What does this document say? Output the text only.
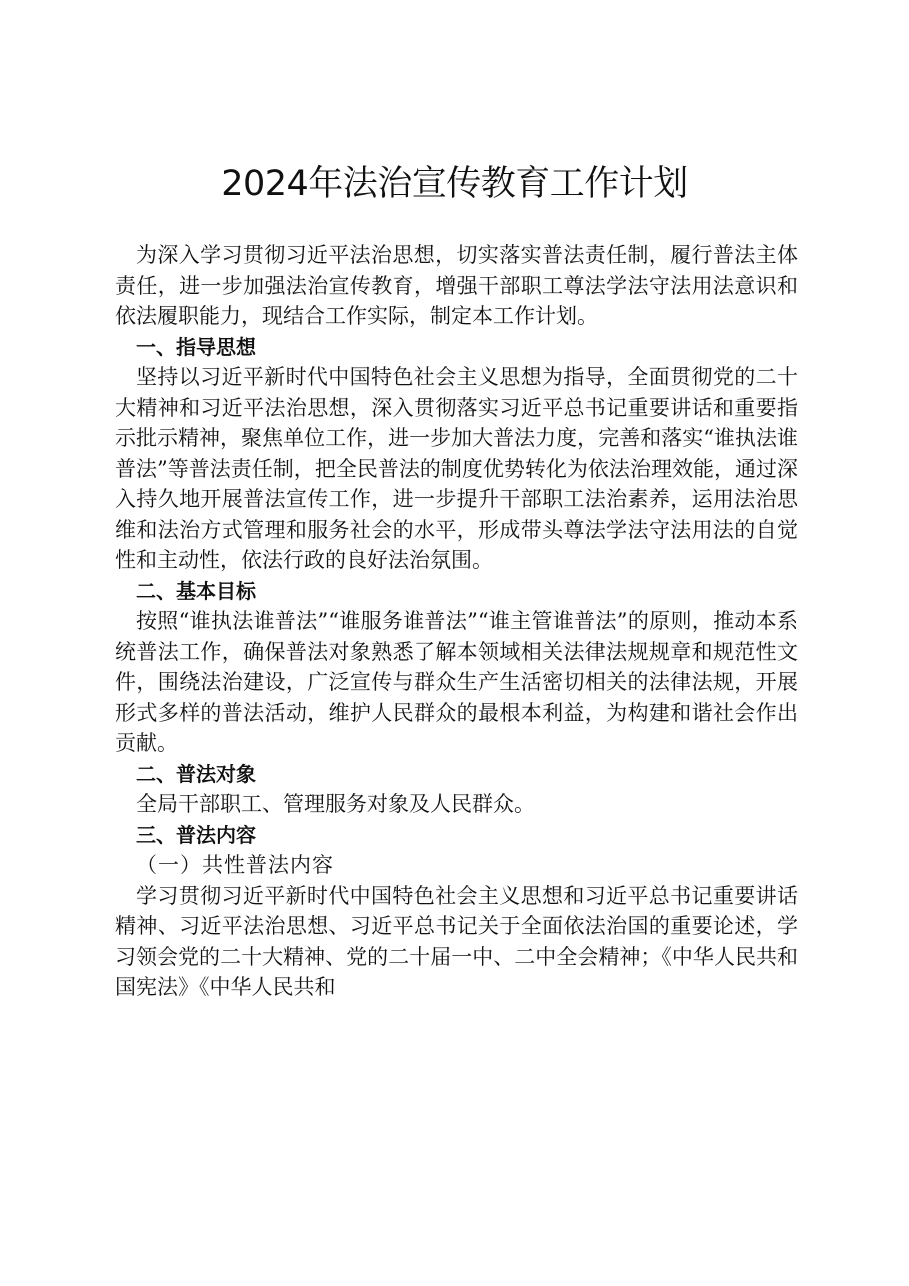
2024年法治宣传教育工作计划

为深入学习贯彻习近平法治思想，切实落实普法责任制，履行普法主体责任，进一步加强法治宣传教育，增强干部职工尊法学法守法用法意识和依法履职能力，现结合工作实际，制定本工作计划。

一、指导思想

坚持以习近平新时代中国特色社会主义思想为指导，全面贯彻党的二十大精神和习近平法治思想，深入贯彻落实习近平总书记重要讲话和重要指示批示精神，聚焦单位工作，进一步加大普法力度，完善和落实“谁执法谁普法”等普法责任制，把全民普法的制度优势转化为依法治理效能，通过深入持久地开展普法宣传工作，进一步提升干部职工法治素养，运用法治思维和法治方式管理和服务社会的水平，形成带头尊法学法守法用法的自觉性和主动性，依法行政的良好法治氛围。

二、基本目标

按照“谁执法谁普法”“谁服务谁普法”“谁主管谁普法”的原则，推动本系统普法工作，确保普法对象熟悉了解本领域相关法律法规规章和规范性文件，围绕法治建设，广泛宣传与群众生产生活密切相关的法律法规，开展形式多样的普法活动，维护人民群众的最根本利益，为构建和谐社会作出贡献。

二、普法对象

全局干部职工、管理服务对象及人民群众。

三、普法内容

（一）共性普法内容

学习贯彻习近平新时代中国特色社会主义思想和习近平总书记重要讲话精神、习近平法治思想、习近平总书记关于全面依法治国的重要论述，学习领会党的二十大精神、党的二十届一中、二中全会精神；《中华人民共和国宪法》《中华人民共和
